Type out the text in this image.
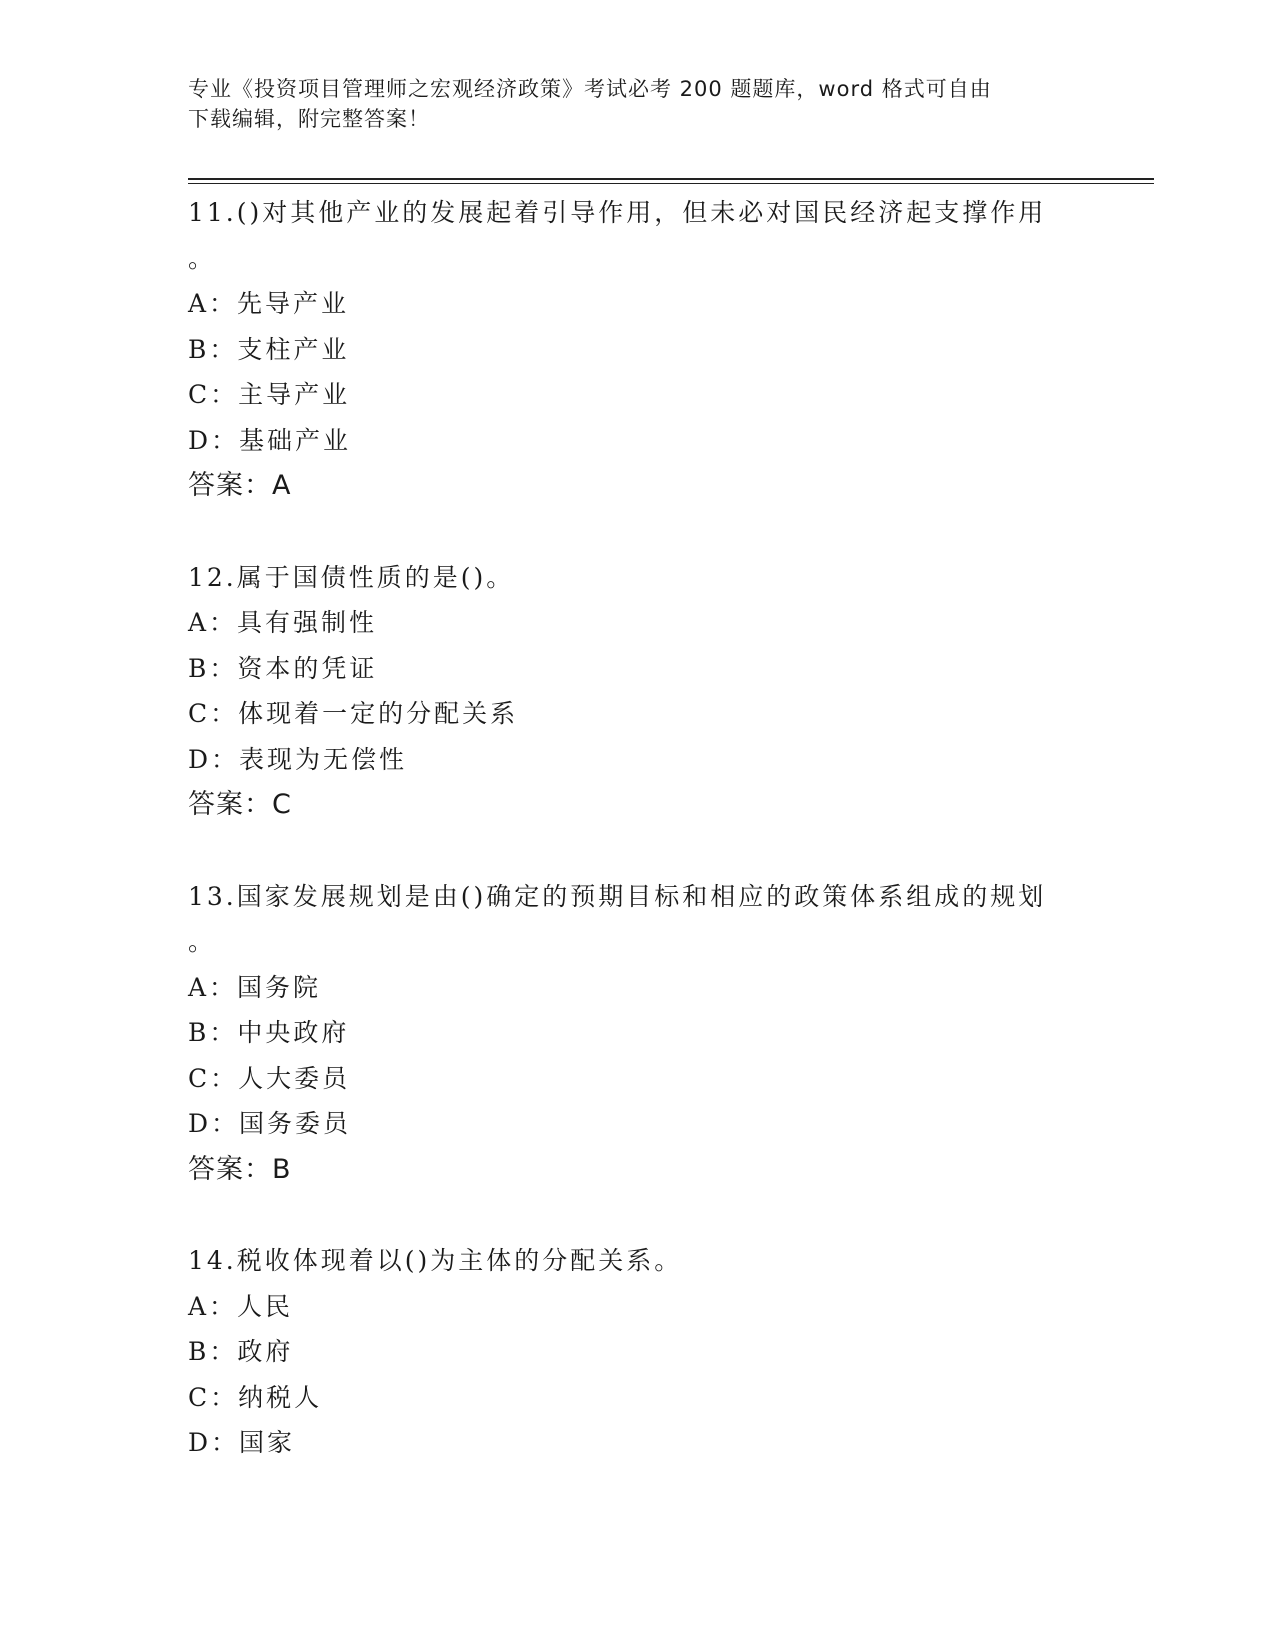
专业《投资项目管理师之宏观经济政策》考试必考 200 题题库，word 格式可自由
下载编辑，附完整答案！
11.()对其他产业的发展起着引导作用，但未必对国民经济起支撑作用
。
A：先导产业
B：支柱产业
C：主导产业
D：基础产业
答案：A
12.属于国债性质的是()。
A：具有强制性
B：资本的凭证
C：体现着一定的分配关系
D：表现为无偿性
答案：C
13.国家发展规划是由()确定的预期目标和相应的政策体系组成的规划
。
A：国务院
B：中央政府
C：人大委员
D：国务委员
答案：B
14.税收体现着以()为主体的分配关系。
A：人民
B：政府
C：纳税人
D：国家
